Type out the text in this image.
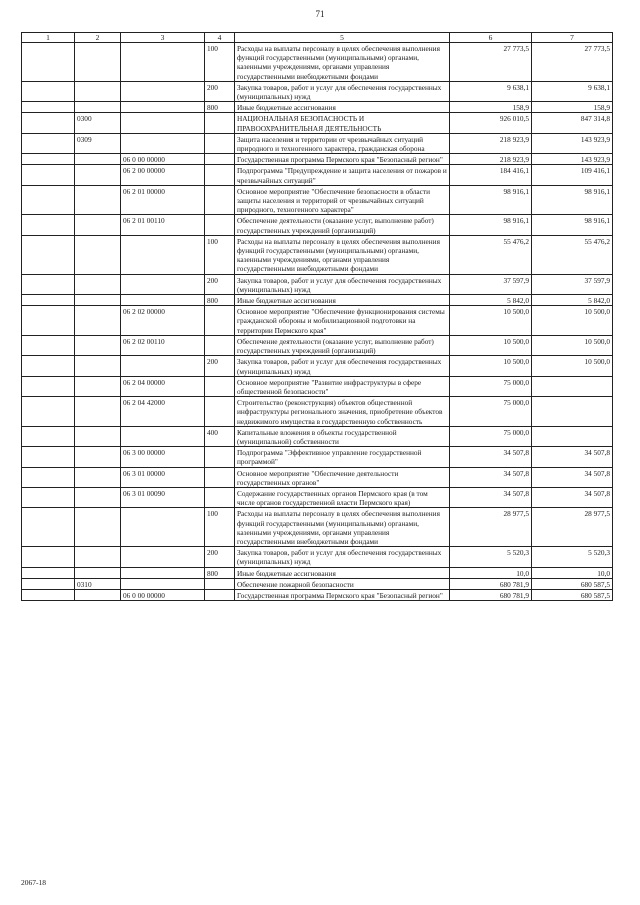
71
1	2	3	4	5	6	7
			100	Расходы на выплаты персоналу в целях обеспечения выполнения функций государственными (муниципальными) органами, казенными учреждениями, органами управления государственными внебюджетными фондами	27 773,5	27 773,5
			200	Закупка товаров, работ и услуг для обеспечения государственных (муниципальных) нужд	9 638,1	9 638,1
			800	Иные бюджетные ассигнования	158,9	158,9
	0300			НАЦИОНАЛЬНАЯ БЕЗОПАСНОСТЬ И ПРАВООХРАНИТЕЛЬНАЯ ДЕЯТЕЛЬНОСТЬ	926 010,5	847 314,8
	0309			Защита населения и территории от чрезвычайных ситуаций природного и техногенного характера, гражданская оборона	218 923,9	143 923,9
		06 0 00 00000		Государственная программа Пермского края "Безопасный регион"	218 923,9	143 923,9
		06 2 00 00000		Подпрограмма "Предупреждение и защита населения от пожаров и чрезвычайных ситуаций"	184 416,1	109 416,1
		06 2 01 00000		Основное мероприятие "Обеспечение безопасности в области защиты населения и территорий от чрезвычайных ситуаций природного, техногенного характера"	98 916,1	98 916,1
		06 2 01 00110		Обеспечение деятельности (оказание услуг, выполнение работ) государственных учреждений (организаций)	98 916,1	98 916,1
			100	Расходы на выплаты персоналу в целях обеспечения выполнения функций государственными (муниципальными) органами, казенными учреждениями, органами управления государственными внебюджетными фондами	55 476,2	55 476,2
			200	Закупка товаров, работ и услуг для обеспечения государственных (муниципальных) нужд	37 597,9	37 597,9
			800	Иные бюджетные ассигнования	5 842,0	5 842,0
		06 2 02 00000		Основное мероприятие "Обеспечение функционирования системы гражданской обороны и мобилизационной подготовки на территории Пермского края"	10 500,0	10 500,0
		06 2 02 00110		Обеспечение деятельности (оказание услуг, выполнение работ) государственных учреждений (организаций)	10 500,0	10 500,0
			200	Закупка товаров, работ и услуг для обеспечения государственных (муниципальных) нужд	10 500,0	10 500,0
		06 2 04 00000		Основное мероприятие "Развитие инфраструктуры в сфере общественной безопасности"	75 000,0	
		06 2 04 42000		Строительство (реконструкция) объектов общественной инфраструктуры регионального значения, приобретение объектов недвижимого имущества в государственную собственность	75 000,0	
			400	Капитальные вложения в объекты государственной (муниципальной) собственности	75 000,0	
		06 3 00 00000		Подпрограмма "Эффективное управление государственной программой"	34 507,8	34 507,8
		06 3 01 00000		Основное мероприятие "Обеспечение деятельности государственных органов"	34 507,8	34 507,8
		06 3 01 00090		Содержание государственных органов Пермского края (в том числе органов государственной власти Пермского края)	34 507,8	34 507,8
			100	Расходы на выплаты персоналу в целях обеспечения выполнения функций государственными (муниципальными) органами, казенными учреждениями, органами управления государственными внебюджетными фондами	28 977,5	28 977,5
			200	Закупка товаров, работ и услуг для обеспечения государственных (муниципальных) нужд	5 520,3	5 520,3
			800	Иные бюджетные ассигнования	10,0	10,0
	0310			Обеспечение пожарной безопасности	680 781,9	680 587,5
		06 0 00 00000		Государственная программа Пермского края "Безопасный регион"	680 781,9	680 587,5
2067-18
